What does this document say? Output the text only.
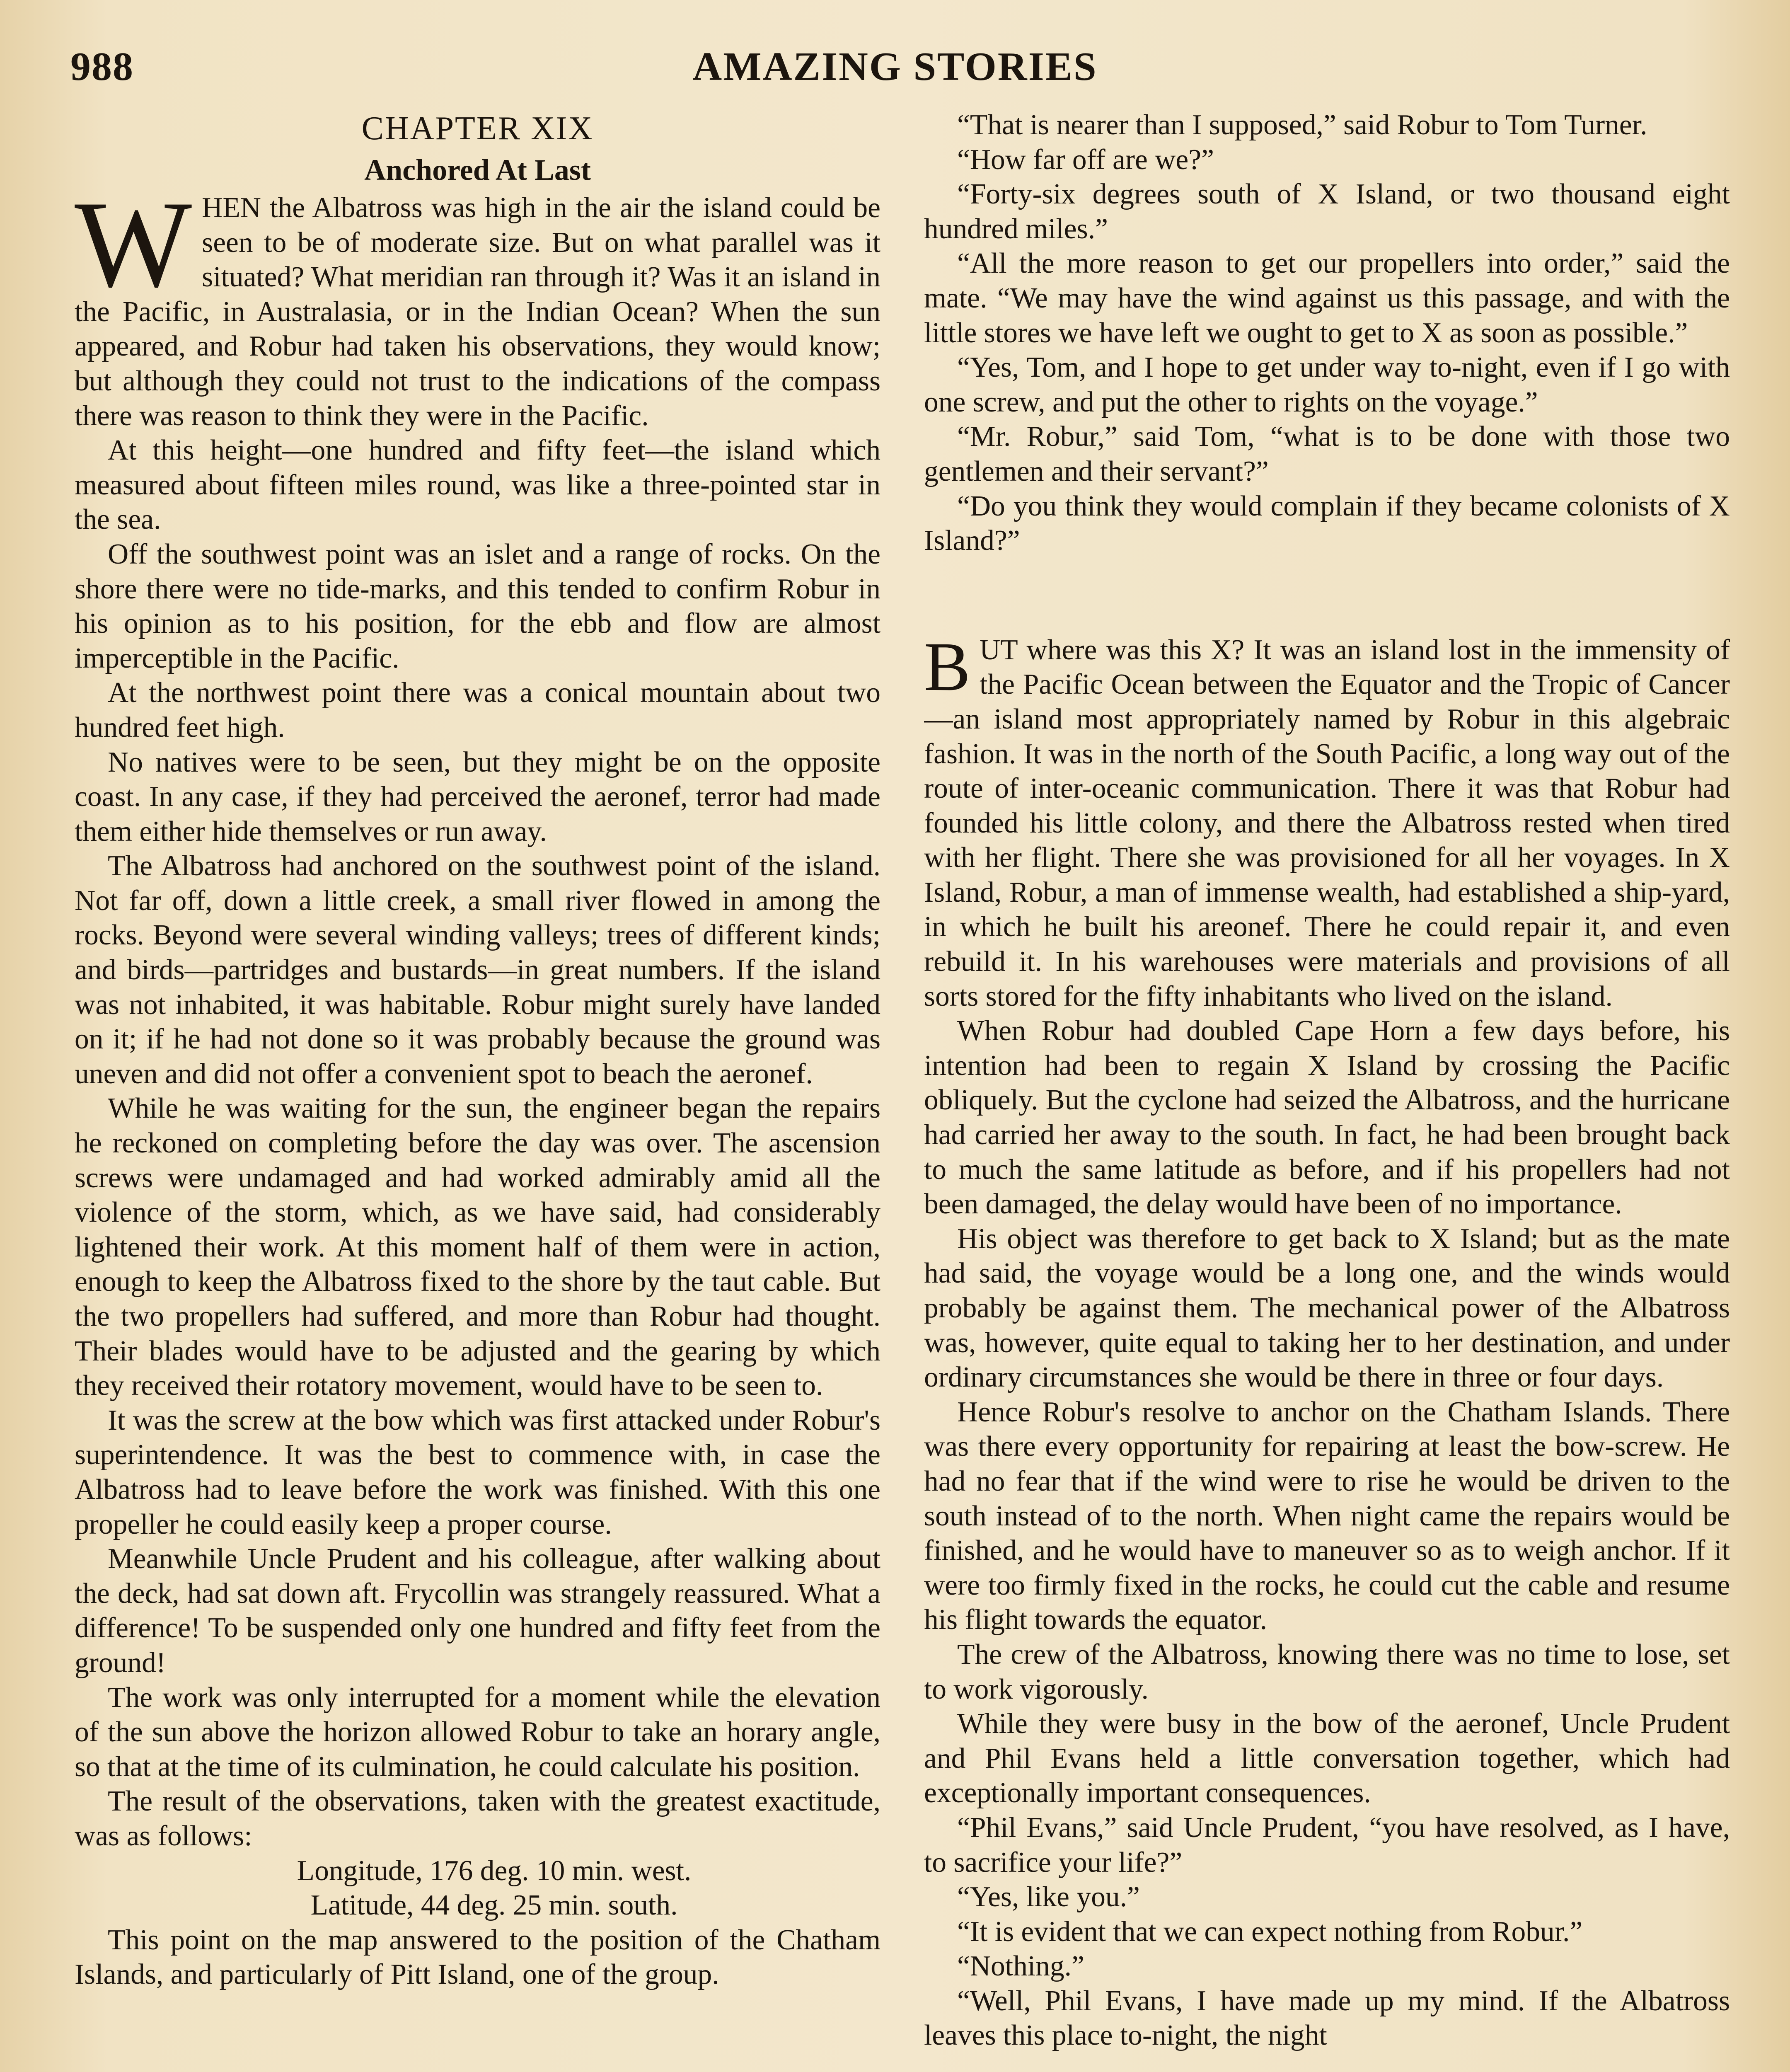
988	AMAZING STORIES

CHAPTER XIX

Anchored At Last

WHEN the Albatross was high in the air the island could be seen to be of moderate size. But on what parallel was it situated? What meridian ran through it? Was it an island in the Pacific, in Australasia, or in the Indian Ocean? When the sun appeared, and Robur had taken his observations, they would know; but although they could not trust to the indications of the compass there was reason to think they were in the Pacific.

At this height—one hundred and fifty feet—the island which measured about fifteen miles round, was like a three-pointed star in the sea.

Off the southwest point was an islet and a range of rocks. On the shore there were no tide-marks, and this tended to confirm Robur in his opinion as to his position, for the ebb and flow are almost imperceptible in the Pacific.

At the northwest point there was a conical mountain about two hundred feet high.

No natives were to be seen, but they might be on the opposite coast. In any case, if they had perceived the aeronef, terror had made them either hide themselves or run away.

The Albatross had anchored on the southwest point of the island. Not far off, down a little creek, a small river flowed in among the rocks. Beyond were several winding valleys; trees of different kinds; and birds—partridges and bustards—in great numbers. If the island was not inhabited, it was habitable. Robur might surely have landed on it; if he had not done so it was probably because the ground was uneven and did not offer a convenient spot to beach the aeronef.

While he was waiting for the sun, the engineer began the repairs he reckoned on completing before the day was over. The ascension screws were undamaged and had worked admirably amid all the violence of the storm, which, as we have said, had considerably lightened their work. At this moment half of them were in action, enough to keep the Albatross fixed to the shore by the taut cable. But the two propellers had suffered, and more than Robur had thought. Their blades would have to be adjusted and the gearing by which they received their rotatory movement, would have to be seen to.

It was the screw at the bow which was first attacked under Robur's superintendence. It was the best to commence with, in case the Albatross had to leave before the work was finished. With this one propeller he could easily keep a proper course.

Meanwhile Uncle Prudent and his colleague, after walking about the deck, had sat down aft. Frycollin was strangely reassured. What a difference! To be suspended only one hundred and fifty feet from the ground!

The work was only interrupted for a moment while the elevation of the sun above the horizon allowed Robur to take an horary angle, so that at the time of its culmination, he could calculate his position.

The result of the observations, taken with the greatest exactitude, was as follows:

Longitude, 176 deg. 10 min. west.

Latitude, 44 deg. 25 min. south.

This point on the map answered to the position of the Chatham Islands, and particularly of Pitt Island, one of the group.

“That is nearer than I supposed,” said Robur to Tom Turner.

“How far off are we?”

“Forty-six degrees south of X Island, or two thousand eight hundred miles.”

“All the more reason to get our propellers into order,” said the mate. “We may have the wind against us this passage, and with the little stores we have left we ought to get to X as soon as possible.”

“Yes, Tom, and I hope to get under way to-night, even if I go with one screw, and put the other to rights on the voyage.”

“Mr. Robur,” said Tom, “what is to be done with those two gentlemen and their servant?”

“Do you think they would complain if they became colonists of X Island?”

BUT where was this X? It was an island lost in the immensity of the Pacific Ocean between the Equator and the Tropic of Cancer—an island most appropriately named by Robur in this algebraic fashion. It was in the north of the South Pacific, a long way out of the route of inter-oceanic communication. There it was that Robur had founded his little colony, and there the Albatross rested when tired with her flight. There she was provisioned for all her voyages. In X Island, Robur, a man of immense wealth, had established a ship-yard, in which he built his areonef. There he could repair it, and even rebuild it. In his warehouses were materials and provisions of all sorts stored for the fifty inhabitants who lived on the island.

When Robur had doubled Cape Horn a few days before, his intention had been to regain X Island by crossing the Pacific obliquely. But the cyclone had seized the Albatross, and the hurricane had carried her away to the south. In fact, he had been brought back to much the same latitude as before, and if his propellers had not been damaged, the delay would have been of no importance.

His object was therefore to get back to X Island; but as the mate had said, the voyage would be a long one, and the winds would probably be against them. The mechanical power of the Albatross was, however, quite equal to taking her to her destination, and under ordinary circumstances she would be there in three or four days.

Hence Robur's resolve to anchor on the Chatham Islands. There was there every opportunity for repairing at least the bow-screw. He had no fear that if the wind were to rise he would be driven to the south instead of to the north. When night came the repairs would be finished, and he would have to maneuver so as to weigh anchor. If it were too firmly fixed in the rocks, he could cut the cable and resume his flight towards the equator.

The crew of the Albatross, knowing there was no time to lose, set to work vigorously.

While they were busy in the bow of the aeronef, Uncle Prudent and Phil Evans held a little conversation together, which had exceptionally important consequences.

“Phil Evans,” said Uncle Prudent, “you have resolved, as I have, to sacrifice your life?”

“Yes, like you.”

“It is evident that we can expect nothing from Robur.”

“Nothing.”

“Well, Phil Evans, I have made up my mind. If the Albatross leaves this place to-night, the night
